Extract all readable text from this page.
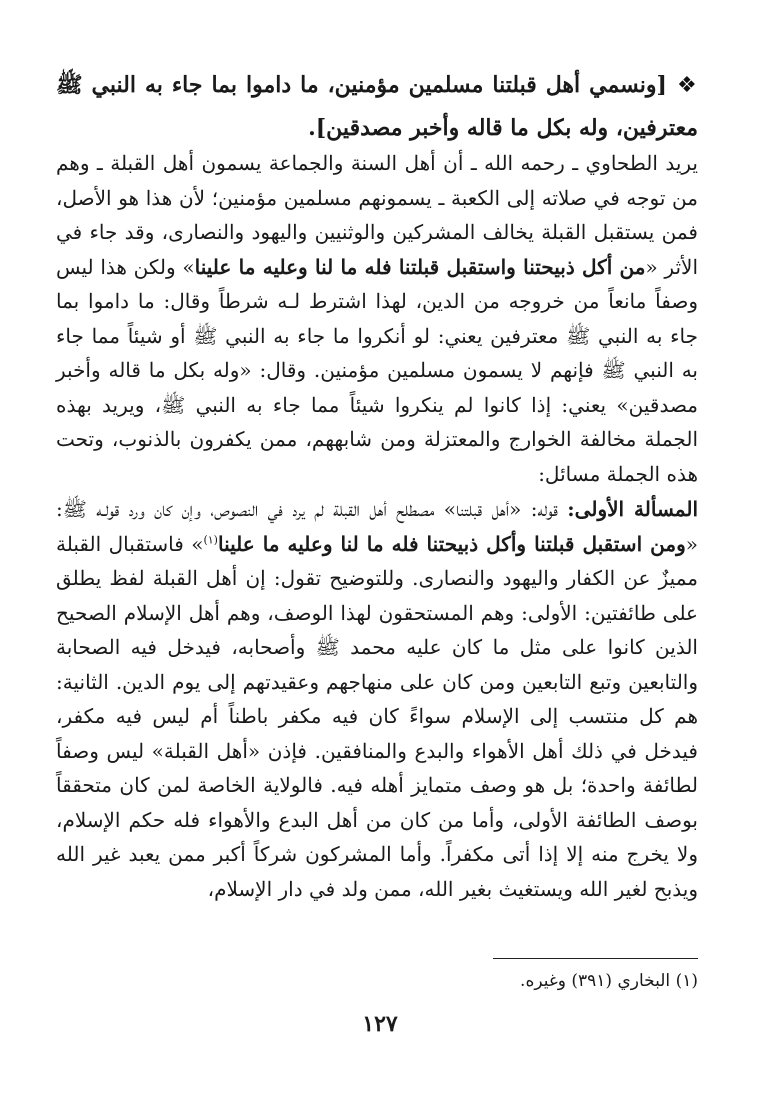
❖[ونسمي أهل قبلتنا مسلمين مؤمنين، ما داموا بما جاء به النبي ﷺ معترفين، وله بكل ما قاله وأخبر مصدقين].
يريد الطحاوي ـ رحمه الله ـ أن أهل السنة والجماعة يسمون أهل القبلة ـ وهم من توجه في صلاته إلى الكعبة ـ يسمونهم مسلمين مؤمنين؛ لأن هذا هو الأصل، فمن يستقبل القبلة يخالف المشركين والوثنيين واليهود والنصارى، وقد جاء في الأثر «من أكل ذبيحتنا واستقبل قبلتنا فله ما لنا وعليه ما علينا» ولكن هذا ليس وصفاً مانعاً من خروجه من الدين، لهذا اشترط لـه شرطاً وقال: ما داموا بما جاء به النبي ﷺ معترفين يعني: لو أنكروا ما جاء به النبي ﷺ أو شيئاً مما جاء به النبي ﷺ فإنهم لا يسمون مسلمين مؤمنين. وقال: «وله بكل ما قاله وأخبر مصدقين» يعني: إذا كانوا لم ينكروا شيئاً مما جاء به النبي ﷺ، ويريد بهذه الجملة مخالفة الخوارج والمعتزلة ومن شابههم، ممن يكفرون بالذنوب، وتحت هذه الجملة مسائل:
المسألة الأولى: قوله: «أهل قبلتنا» مصطلح أهل القبلة لم يرد في النصوص، وإن كان ورد قولـه ﷺ: «ومن استقبل قبلتنا وأكل ذبيحتنا فله ما لنا وعليه ما علينا$^{(١)}$» فاستقبال القبلة مميزٌ عن الكفار واليهود والنصارى. وللتوضيح تقول: إن أهل القبلة لفظ يطلق على طائفتين: الأولى: وهم المستحقون لهذا الوصف، وهم أهل الإسلام الصحيح الذين كانوا على مثل ما كان عليه محمد ﷺ وأصحابه، فيدخل فيه الصحابة والتابعين وتبع التابعين ومن كان على منهاجهم وعقيدتهم إلى يوم الدين. الثانية: هم كل منتسب إلى الإسلام سواءً كان فيه مكفر باطناً أم ليس فيه مكفر، فيدخل في ذلك أهل الأهواء والبدع والمنافقين. فإذن «أهل القبلة» ليس وصفاً لطائفة واحدة؛ بل هو وصف متمايز أهله فيه. فالولاية الخاصة لمن كان متحققاً بوصف الطائفة الأولى، وأما من كان من أهل البدع والأهواء فله حكم الإسلام، ولا يخرج منه إلا إذا أتى مكفراً. وأما المشركون شركاً أكبر ممن يعبد غير الله ويذبح لغير الله ويستغيث بغير الله، ممن ولد في دار الإسلام،
(١) البخاري (٣٩١) وغيره.
١٢٧
